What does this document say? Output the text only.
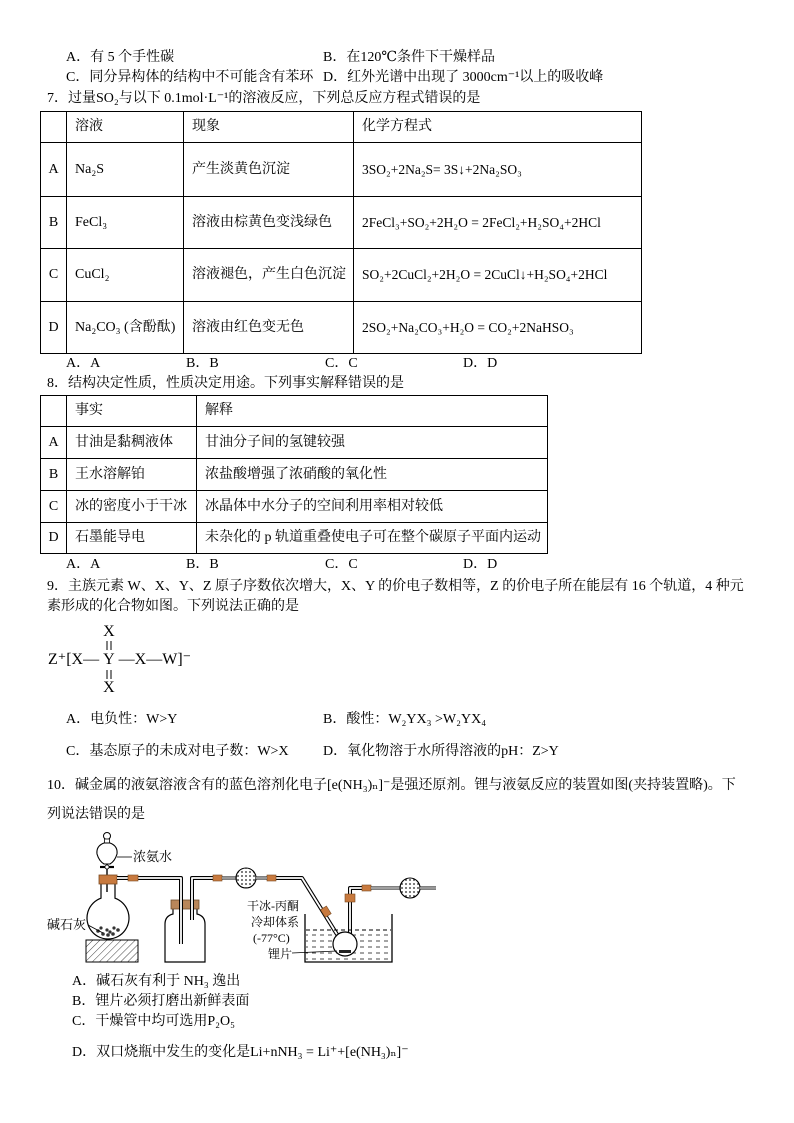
A．有 5 个手性碳	B．在120℃条件下干燥样品
C．同分异构体的结构中不可能含有苯环 D．红外光谱中出现了 3000cm⁻¹以上的吸收峰
7．过量SO₂与以下 0.1mol·L⁻¹的溶液反应，下列总反应方程式错误的是
	溶液	现象	化学方程式
A	Na₂S	产生淡黄色沉淀	3SO₂+2Na₂S= 3S↓+2Na₂SO₃
B	FeCl₃	溶液由棕黄色变浅绿色	2FeCl₃+SO₂+2H₂O = 2FeCl₂+H₂SO₄+2HCl
C	CuCl₂	溶液褪色，产生白色沉淀	SO₂+2CuCl₂+2H₂O = 2CuCl↓+H₂SO₄+2HCl
D	Na₂CO₃ (含酚酞)	溶液由红色变无色	2SO₂+Na₂CO₃+H₂O = CO₂+2NaHSO₃
A．A	B．B	C．C	D．D
8．结构决定性质，性质决定用途。下列事实解释错误的是
	事实	解释
A	甘油是黏稠液体	甘油分子间的氢键较强
B	王水溶解铂	浓盐酸增强了浓硝酸的氧化性
C	冰的密度小于干冰	冰晶体中水分子的空间利用率相对较低
D	石墨能导电	未杂化的 p 轨道重叠使电子可在整个碳原子平面内运动
A．A	B．B	C．C	D．D
9．主族元素 W、X、Y、Z 原子序数依次增大，X、Y 的价电子数相等，Z 的价电子所在能层有 16 个轨道，4 种元
素形成的化合物如图。下列说法正确的是
Z⁺[X—
X
Y
X
—X—W]⁻
A．电负性：W>Y	B．酸性：W₂YX₃ >W₂YX₄
C．基态原子的未成对电子数：W>X D．氧化物溶于水所得溶液的pH：Z>Y
10．碱金属的液氨溶液含有的蓝色溶剂化电子[e(NH₃)ₙ]⁻是强还原剂。锂与液氨反应的装置如图(夹持装置略)。下
列说法错误的是
浓氨水
碱石灰
干冰-丙酮
冷却体系
(-77°C)
锂片
A．碱石灰有利于 NH₃ 逸出
B．锂片必须打磨出新鲜表面
C．干燥管中均可选用P₂O₅
D．双口烧瓶中发生的变化是Li+nNH₃ = Li⁺+[e(NH₃)ₙ]⁻
